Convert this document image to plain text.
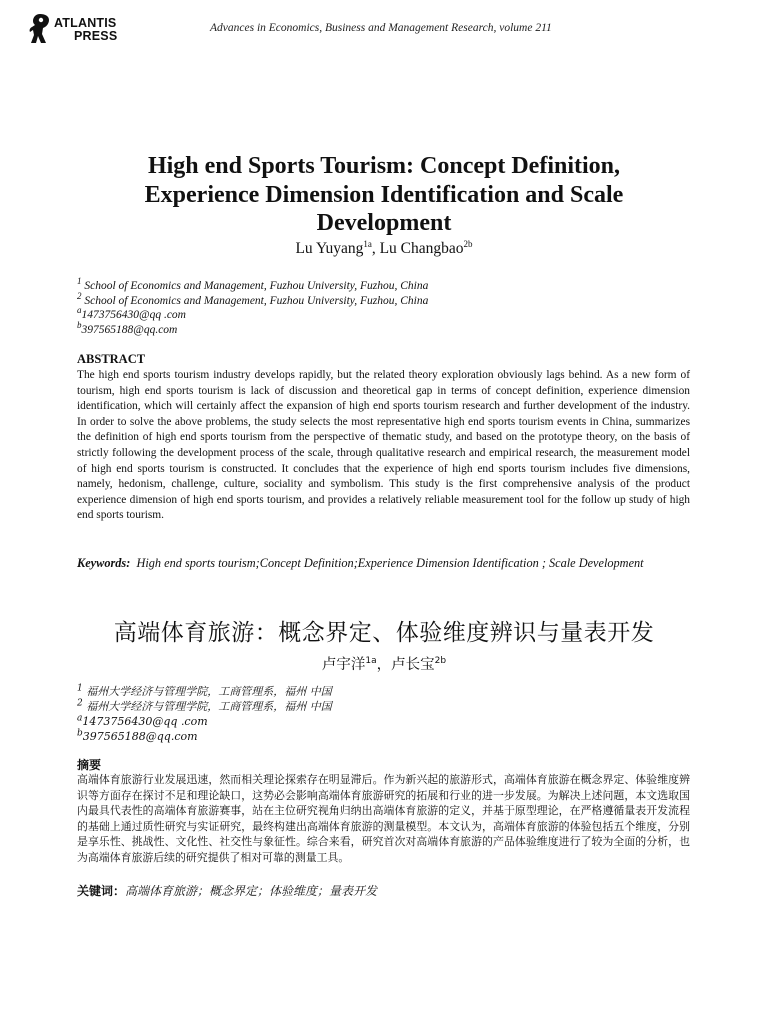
ATLANTIS
PRESS
Advances in Economics, Business and Management Research, volume 211
High end Sports Tourism: Concept Definition, Experience Dimension Identification and Scale Development
Lu Yuyang$^{1a}$, Lu Changbao$^{2b}$
$^1$ School of Economics and Management, Fuzhou University, Fuzhou, China
$^2$ School of Economics and Management, Fuzhou University, Fuzhou, China
$^a$1473756430@qq .com
$^b$397565188@qq.com
ABSTRACT
The high end sports tourism industry develops rapidly, but the related theory exploration obviously lags behind. As a new form of tourism, high end sports tourism is lack of discussion and theoretical gap in terms of concept definition, experience dimension identification, which will certainly affect the expansion of high end sports tourism research and further development of the industry. In order to solve the above problems, the study selects the most representative high end sports tourism events in China, summarizes the definition of high end sports tourism from the perspective of thematic study, and based on the prototype theory, on the basis of strictly following the development process of the scale, through qualitative research and empirical research, the measurement model of high end sports tourism is constructed. It concludes that the experience of high end sports tourism includes five dimensions, namely, hedonism, challenge, culture, sociality and symbolism. This study is the first comprehensive analysis of the product experience dimension of high end sports tourism, and provides a relatively reliable measurement tool for the follow up study of high end sports tourism.
Keywords: High end sports tourism;Concept Definition;Experience Dimension Identification ; Scale Development
高端体育旅游：概念界定、体验维度辨识与量表开发
卢宇洋$^{1a}$，卢长宝$^{2b}$
$^1$ 福州大学经济与管理学院，工商管理系，福州 中国
$^2$ 福州大学经济与管理学院，工商管理系，福州 中国
$^a$1473756430@qq .com
$^b$397565188@qq.com
摘要
高端体育旅游行业发展迅速，然而相关理论探索存在明显滞后。作为新兴起的旅游形式，高端体育旅游在概念界定、体验维度辨识等方面存在探讨不足和理论缺口，这势必会影响高端体育旅游研究的拓展和行业的进一步发展。为解决上述问题，本文选取国内最具代表性的高端体育旅游赛事，站在主位研究视角归纳出高端体育旅游的定义，并基于原型理论，在严格遵循量表开发流程的基础上通过质性研究与实证研究，最终构建出高端体育旅游的测量模型。本文认为，高端体育旅游的体验包括五个维度，分别是享乐性、挑战性、文化性、社交性与象征性。综合来看，研究首次对高端体育旅游的产品体验维度进行了较为全面的分析，也为高端体育旅游后续的研究提供了相对可靠的测量工具。
关键词：高端体育旅游；概念界定；体验维度；量表开发
